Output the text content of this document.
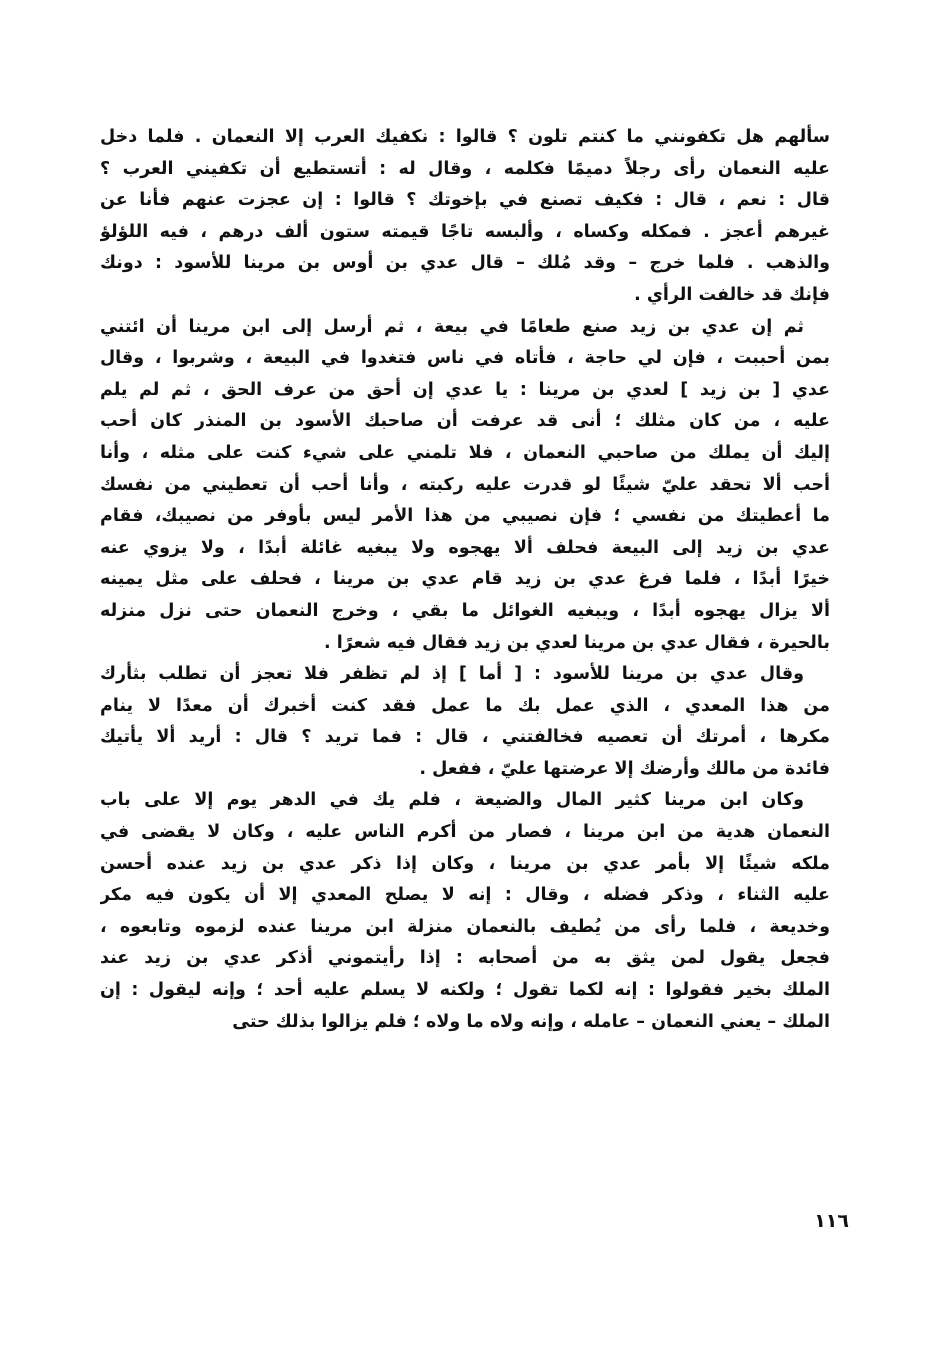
سألهم هل تكفونني ما كنتم تلون ؟ قالوا : نكفيك العرب إلا النعمان . فلما دخل
عليه النعمان رأى رجلاً دميمًا فكلمه ، وقال له : أتستطيع أن تكفيني العرب ؟
قال : نعم ، قال : فكيف تصنع في بإخوتك ؟ قالوا : إن عجزت عنهم فأنا عن
غيرهم أعجز . فمكله وكساه ، وألبسه تاجًا قيمته ستون ألف درهم ، فيه اللؤلؤ
والذهب . فلما خرج – وقد مُلك – قال عدي بن أوس بن مرينا للأسود : دونك
فإنك قد خالفت الرأي .
ثم إن عدي بن زيد صنع طعامًا في بيعة ، ثم أرسل إلى ابن مرينا أن ائتني
بمن أحببت ، فإن لي حاجة ، فأتاه في ناس فتغدوا في البيعة ، وشربوا ، وقال
عدي [ بن زيد ] لعدي بن مرينا : يا عدي إن أحق من عرف الحق ، ثم لم يلم
عليه ، من كان مثلك ؛ أنى قد عرفت أن صاحبك الأسود بن المنذر كان أحب
إليك أن يملك من صاحبي النعمان ، فلا تلمني على شيء كنت على مثله ، وأنا
أحب ألا تحقد عليّ شيئًا لو قدرت عليه ركبته ، وأنا أحب أن تعطيني من نفسك
ما أعطيتك من نفسي ؛ فإن نصيبي من هذا الأمر ليس بأوفر من نصيبك، فقام
عدي بن زيد إلى البيعة فحلف ألا يهجوه ولا يبغيه غائلة أبدًا ، ولا يزوي عنه
خيرًا أبدًا ، فلما فرغ عدي بن زيد قام عدي بن مرينا ، فحلف على مثل يمينه
ألا يزال يهجوه أبدًا ، ويبغيه الغوائل ما بقي ، وخرج النعمان حتى نزل منزله
بالحيرة ، فقال عدي بن مرينا لعدي بن زيد فقال فيه شعرًا .
وقال عدي بن مرينا للأسود : [ أما ] إذ لم تظفر فلا تعجز أن تطلب بثأرك
من هذا المعدي ، الذي عمل بك ما عمل فقد كنت أخبرك أن معدًا لا ينام
مكرها ، أمرتك أن تعصيه فخالفتني ، قال : فما تريد ؟ قال : أريد ألا يأتيك
فائدة من مالك وأرضك إلا عرضتها عليّ ، ففعل .
وكان ابن مرينا كثير المال والضيعة ، فلم يك في الدهر يوم إلا على باب
النعمان هدية من ابن مرينا ، فصار من أكرم الناس عليه ، وكان لا يقضى في
ملكه شيئًا إلا بأمر عدي بن مرينا ، وكان إذا ذكر عدي بن زيد عنده أحسن
عليه الثناء ، وذكر فضله ، وقال : إنه لا يصلح المعدي إلا أن يكون فيه مكر
وخديعة ، فلما رأى من يُطيف بالنعمان منزلة ابن مرينا عنده لزموه وتابعوه ،
فجعل يقول لمن يثق به من أصحابه : إذا رأيتموني أذكر عدي بن زيد عند
الملك بخير فقولوا : إنه لكما تقول ؛ ولكنه لا يسلم عليه أحد ؛ وإنه ليقول : إن
الملك – يعني النعمان – عامله ، وإنه ولاه ما ولاه ؛ فلم يزالوا بذلك حتى
١١٦
